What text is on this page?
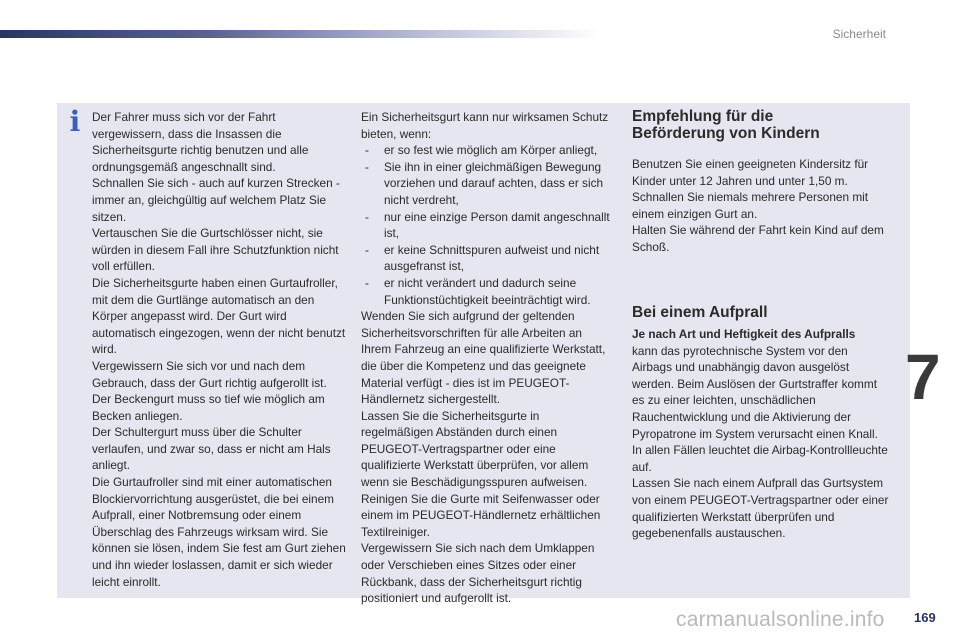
Sicherheit
i Der Fahrer muss sich vor der Fahrt vergewissern, dass die Insassen die Sicherheitsgurte richtig benutzen und alle ordnungsgemäß angeschnallt sind.

Schnallen Sie sich - auch auf kurzen Strecken - immer an, gleichgültig auf welchem Platz Sie sitzen.

Vertauschen Sie die Gurtschlösser nicht, sie würden in diesem Fall ihre Schutzfunktion nicht voll erfüllen.

Die Sicherheitsgurte haben einen Gurtaufroller, mit dem die Gurtlänge automatisch an den Körper angepasst wird. Der Gurt wird automatisch eingezogen, wenn der nicht benutzt wird.

Vergewissern Sie sich vor und nach dem Gebrauch, dass der Gurt richtig aufgerollt ist.

Der Beckengurt muss so tief wie möglich am Becken anliegen.

Der Schultergurt muss über die Schulter verlaufen, und zwar so, dass er nicht am Hals anliegt.

Die Gurtaufroller sind mit einer automatischen Blockiervorrichtung ausgerüstet, die bei einem Aufprall, einer Notbremsung oder einem Überschlag des Fahrzeugs wirksam wird. Sie können sie lösen, indem Sie fest am Gurt ziehen und ihn wieder loslassen, damit er sich wieder leicht einrollt.

Ein Sicherheitsgurt kann nur wirksamen Schutz bieten, wenn:

- er so fest wie möglich am Körper anliegt,
- Sie ihn in einer gleichmäßigen Bewegung vorziehen und darauf achten, dass er sich nicht verdreht,
- nur eine einzige Person damit angeschnallt ist,
- er keine Schnittspuren aufweist und nicht ausgefranst ist,
- er nicht verändert und dadurch seine Funktionstüchtigkeit beeinträchtigt wird.

Wenden Sie sich aufgrund der geltenden Sicherheitsvorschriften für alle Arbeiten an Ihrem Fahrzeug an eine qualifizierte Werkstatt, die über die Kompetenz und das geeignete Material verfügt - dies ist im PEUGEOT-Händlernetz sichergestellt.

Lassen Sie die Sicherheitsgurte in regelmäßigen Abständen durch einen PEUGEOT-Vertragspartner oder eine qualifizierte Werkstatt überprüfen, vor allem wenn sie Beschädigungsspuren aufweisen.

Reinigen Sie die Gurte mit Seifenwasser oder einem im PEUGEOT-Händlernetz erhältlichen Textilreiniger.

Vergewissern Sie sich nach dem Umklappen oder Verschieben eines Sitzes oder einer Rückbank, dass der Sicherheitsgurt richtig positioniert und aufgerollt ist.

Empfehlung für die
Beförderung von Kindern

Benutzen Sie einen geeigneten Kindersitz für Kinder unter 12 Jahren und unter 1,50 m.

Schnallen Sie niemals mehrere Personen mit einem einzigen Gurt an.

Halten Sie während der Fahrt kein Kind auf dem Schoß.

Bei einem Aufprall

Je nach Art und Heftigkeit des Aufpralls
kann das pyrotechnische System vor den Airbags und unabhängig davon ausgelöst werden. Beim Auslösen der Gurtstraffer kommt es zu einer leichten, unschädlichen Rauchentwicklung und die Aktivierung der Pyropatrone im System verursacht einen Knall.

In allen Fällen leuchtet die Airbag-Kontrollleuchte auf.

Lassen Sie nach einem Aufprall das Gurtsystem von einem PEUGEOT-Vertragspartner oder einer qualifizierten Werkstatt überprüfen und gegebenenfalls austauschen.

7
carmanualsonline.info 169
